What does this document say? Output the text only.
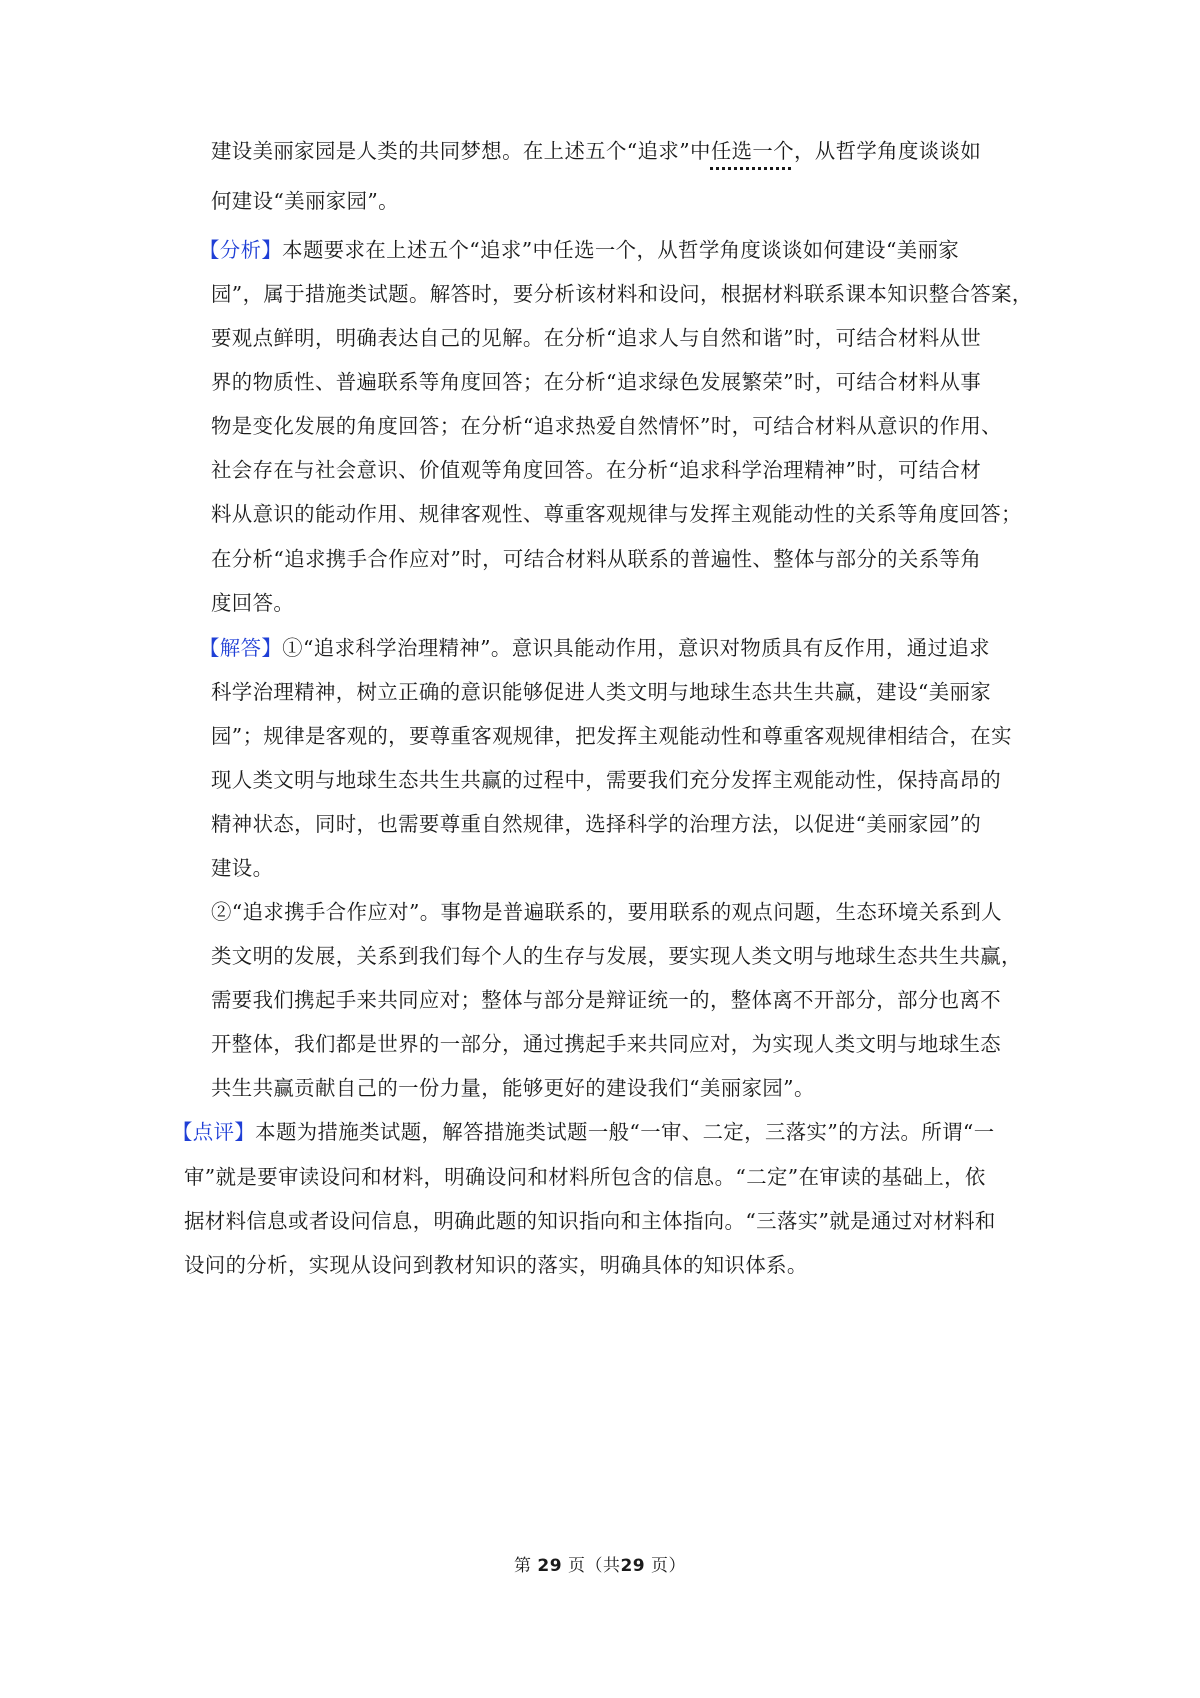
建设美丽家园是人类的共同梦想。在上述五个“追求”中任选一个，从哲学角度谈谈如
何建设“美丽家园”。
【分析】本题要求在上述五个“追求”中任选一个，从哲学角度谈谈如何建设“美丽家
园”，属于措施类试题。解答时，要分析该材料和设问，根据材料联系课本知识整合答案，
要观点鲜明，明确表达自己的见解。在分析“追求人与自然和谐”时，可结合材料从世
界的物质性、普遍联系等角度回答；在分析“追求绿色发展繁荣”时，可结合材料从事
物是变化发展的角度回答；在分析“追求热爱自然情怀”时，可结合材料从意识的作用、
社会存在与社会意识、价值观等角度回答。在分析“追求科学治理精神”时，可结合材
料从意识的能动作用、规律客观性、尊重客观规律与发挥主观能动性的关系等角度回答；
在分析“追求携手合作应对”时，可结合材料从联系的普遍性、整体与部分的关系等角
度回答。
【解答】①“追求科学治理精神”。意识具能动作用，意识对物质具有反作用，通过追求
科学治理精神，树立正确的意识能够促进人类文明与地球生态共生共赢，建设“美丽家
园”；规律是客观的，要尊重客观规律，把发挥主观能动性和尊重客观规律相结合，在实
现人类文明与地球生态共生共赢的过程中，需要我们充分发挥主观能动性，保持高昂的
精神状态，同时，也需要尊重自然规律，选择科学的治理方法，以促进“美丽家园”的
建设。
②“追求携手合作应对”。事物是普遍联系的，要用联系的观点问题，生态环境关系到人
类文明的发展，关系到我们每个人的生存与发展，要实现人类文明与地球生态共生共赢，
需要我们携起手来共同应对；整体与部分是辩证统一的，整体离不开部分，部分也离不
开整体，我们都是世界的一部分，通过携起手来共同应对，为实现人类文明与地球生态
共生共赢贡献自己的一份力量，能够更好的建设我们“美丽家园”。
【点评】本题为措施类试题，解答措施类试题一般“一审、二定，三落实”的方法。所谓“一
审”就是要审读设问和材料，明确设问和材料所包含的信息。“二定”在审读的基础上，依
据材料信息或者设问信息，明确此题的知识指向和主体指向。“三落实”就是通过对材料和
设问的分析，实现从设问到教材知识的落实，明确具体的知识体系。
第 29 页（共29 页）
